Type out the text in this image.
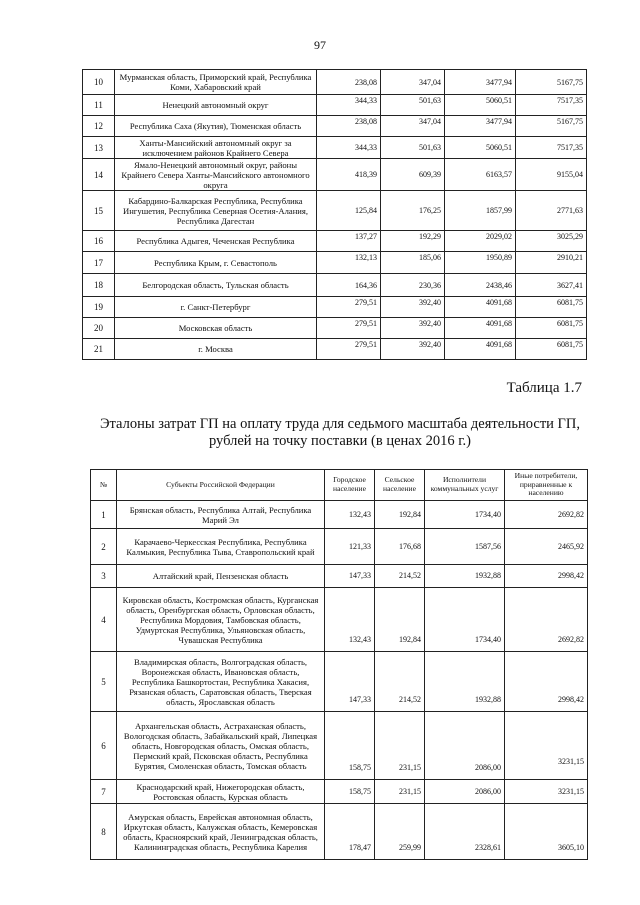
97
10	Мурманская область, Приморский край, Республика Коми, Хабаровский край	238,08	347,04	3477,94	5167,75
11	Ненецкий автономный округ	344,33	501,63	5060,51	7517,35
12	Республика Саха (Якутия), Тюменская область	238,08	347,04	3477,94	5167,75
13	Ханты-Мансийский автономный округ за исключением районов Крайнего Севера	344,33	501,63	5060,51	7517,35
14	Ямало-Ненецкий автономный округ, районы Крайнего Севера Ханты-Мансийского автономного округа	418,39	609,39	6163,57	9155,04
15	Кабардино-Балкарская Республика, Республика Ингушетия, Республика Северная Осетия-Алания, Республика Дагестан	125,84	176,25	1857,99	2771,63
16	Республика Адыгея, Чеченская Республика	137,27	192,29	2029,02	3025,29
17	Республика Крым, г. Севастополь	132,13	185,06	1950,89	2910,21
18	Белгородская область, Тульская область	164,36	230,36	2438,46	3627,41
19	г. Санкт-Петербург	279,51	392,40	4091,68	6081,75
20	Московская область	279,51	392,40	4091,68	6081,75
21	г. Москва	279,51	392,40	4091,68	6081,75
Таблица 1.7
Эталоны затрат ГП на оплату труда для седьмого масштаба деятельности ГП, рублей на точку поставки (в ценах 2016 г.)
№	Субъекты Российской Федерации	Городское население	Сельское население	Исполнители коммунальных услуг	Иные потребители, приравненные к населению
1	Брянская область, Республика Алтай, Республика Марий Эл	132,43	192,84	1734,40	2692,82
2	Карачаево-Черкесская Республика, Республика Калмыкия, Республика Тыва, Ставропольский край	121,33	176,68	1587,56	2465,92
3	Алтайский край, Пензенская область	147,33	214,52	1932,88	2998,42
4	Кировская область, Костромская область, Курганская область, Оренбургская область, Орловская область, Республика Мордовия, Тамбовская область, Удмуртская Республика, Ульяновская область, Чувашская Республика	132,43	192,84	1734,40	2692,82
5	Владимирская область, Волгоградская область, Воронежская область, Ивановская область, Республика Башкортостан, Республика Хакасия, Рязанская область, Саратовская область, Тверская область, Ярославская область	147,33	214,52	1932,88	2998,42
6	Архангельская область, Астраханская область, Вологодская область, Забайкальский край, Липецкая область, Новгородская область, Омская область, Пермский край, Псковская область, Республика Бурятия, Смоленская область, Томская область	158,75	231,15	2086,00	3231,15
7	Краснодарский край, Нижегородская область, Ростовская область, Курская область	158,75	231,15	2086,00	3231,15
8	Амурская область, Еврейская автономная область, Иркутская область, Калужская область, Кемеровская область, Красноярский край, Ленинградская область, Калининградская область, Республика Карелия	178,47	259,99	2328,61	3605,10
